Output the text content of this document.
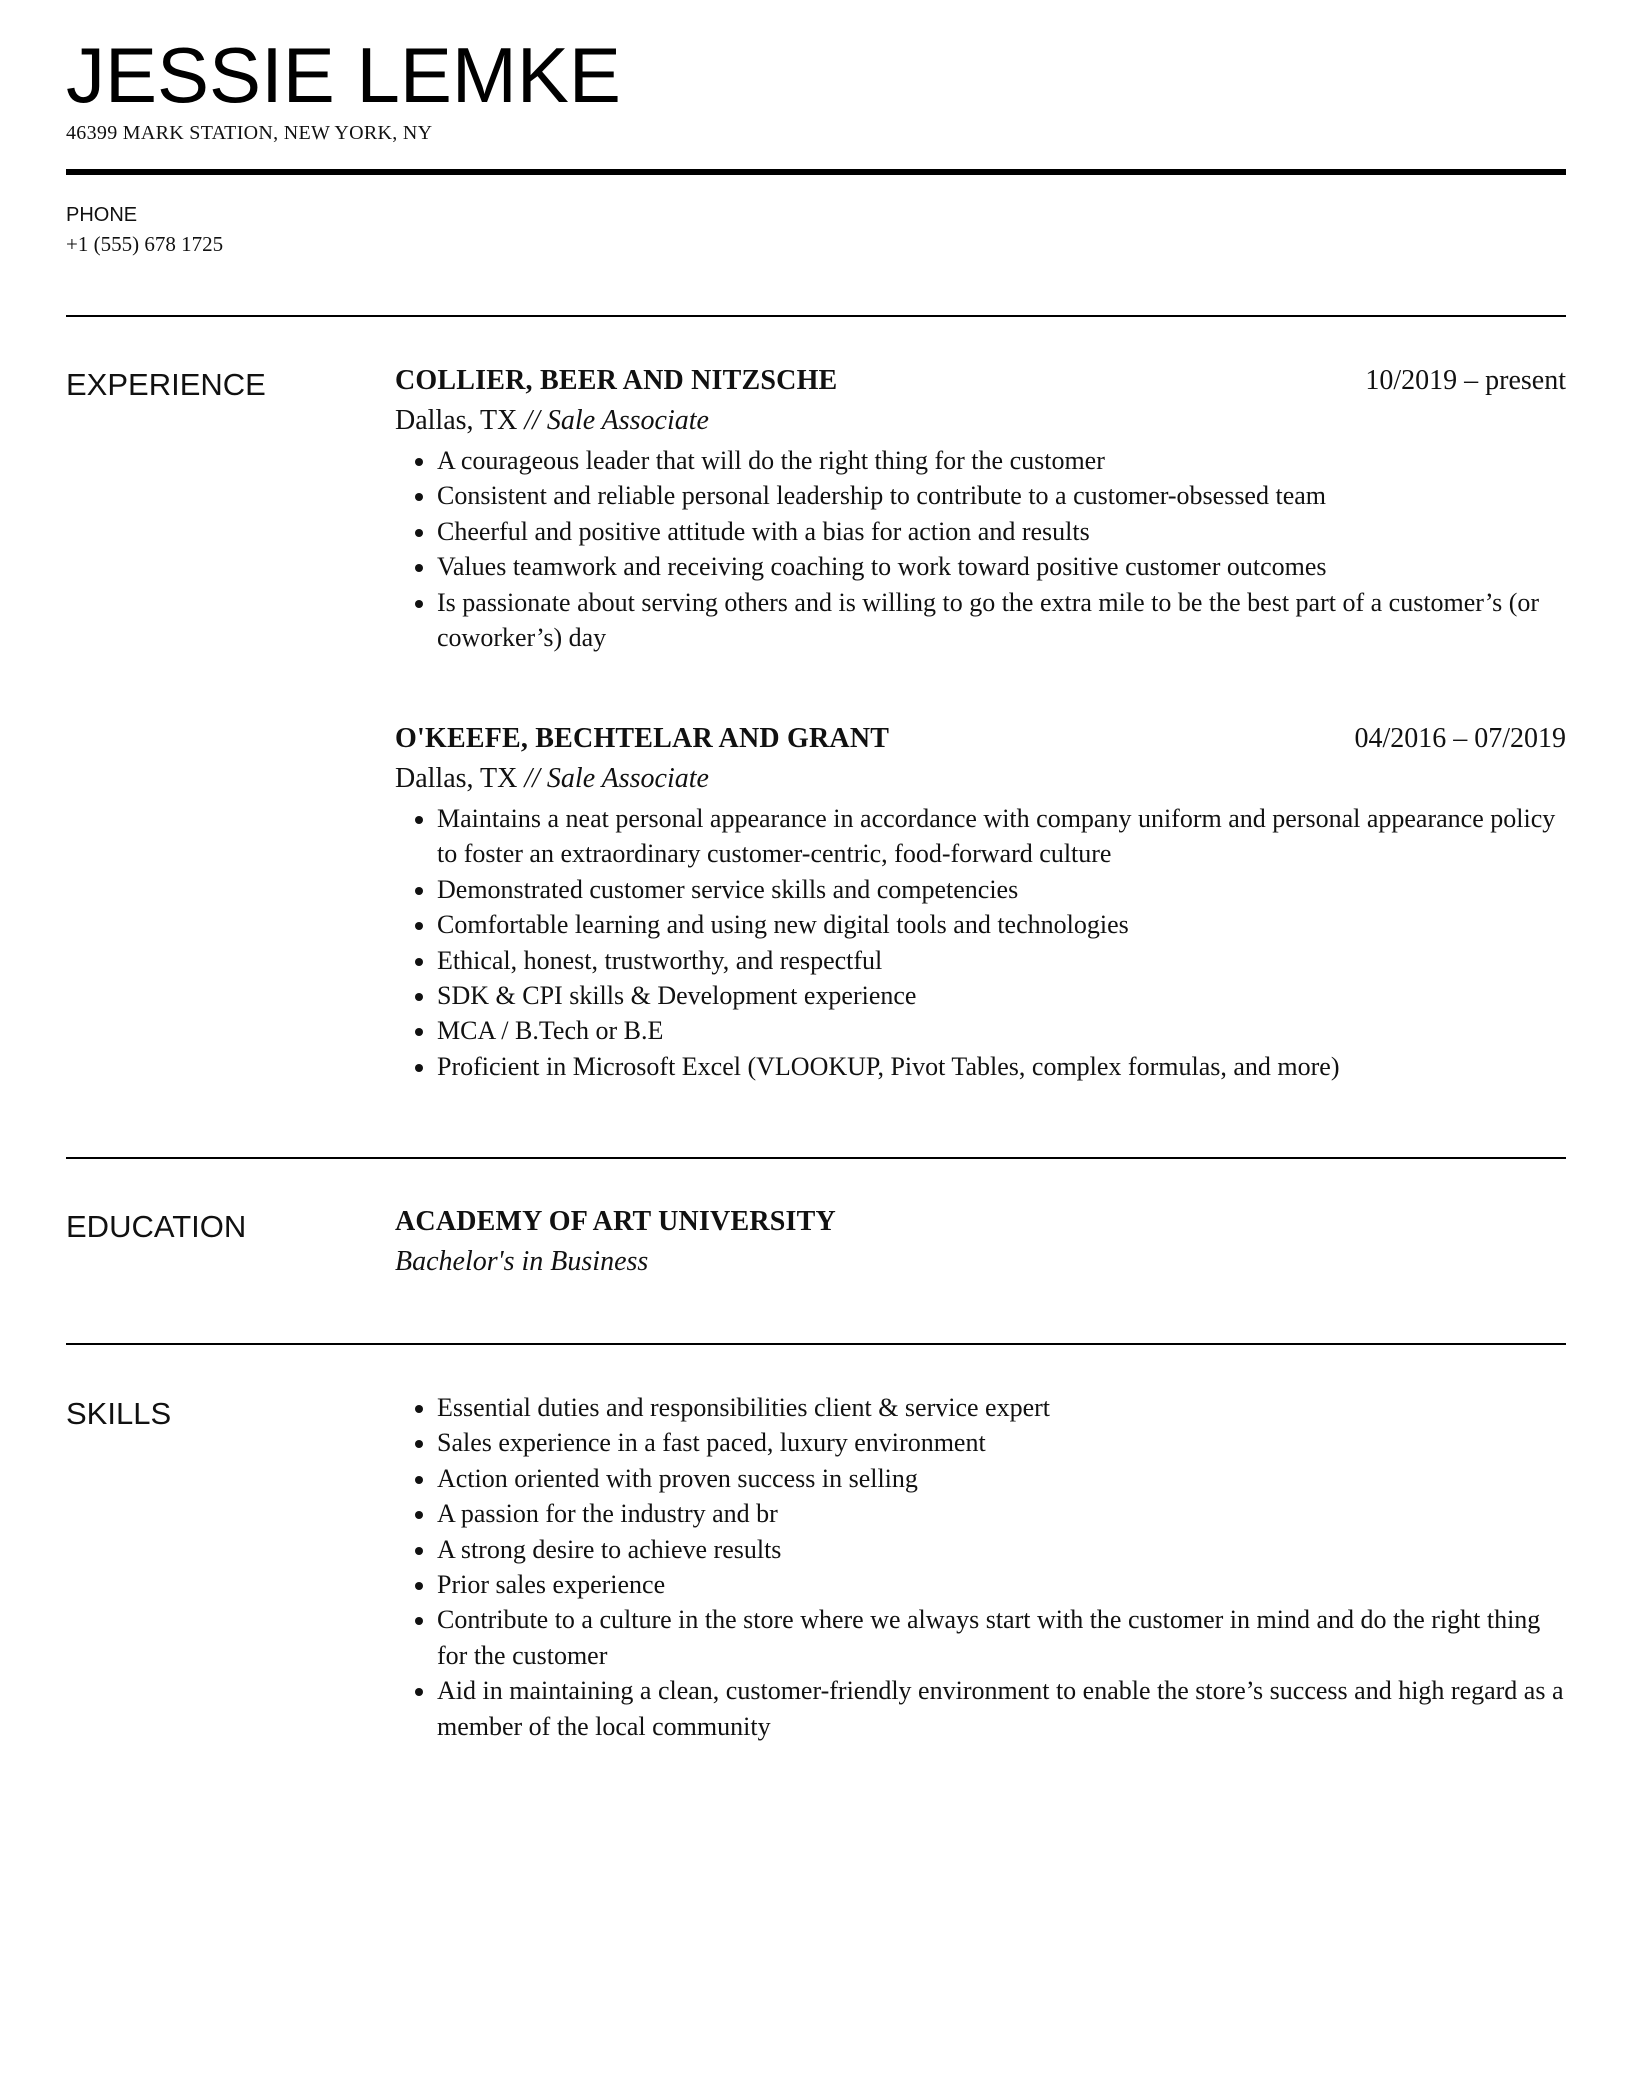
JESSIE LEMKE
46399 MARK STATION, NEW YORK, NY
PHONE
+1 (555) 678 1725
EXPERIENCE	COLLIER, BEER AND NITZSCHE	10/2019 – present
Dallas, TX // Sale Associate
• A courageous leader that will do the right thing for the customer
• Consistent and reliable personal leadership to contribute to a customer-obsessed team
• Cheerful and positive attitude with a bias for action and results
• Values teamwork and receiving coaching to work toward positive customer outcomes
• Is passionate about serving others and is willing to go the extra mile to be the best part of a customer’s (or coworker’s) day
O'KEEFE, BECHTELAR AND GRANT	04/2016 – 07/2019
Dallas, TX // Sale Associate
• Maintains a neat personal appearance in accordance with company uniform and personal appearance policy to foster an extraordinary customer-centric, food-forward culture
• Demonstrated customer service skills and competencies
• Comfortable learning and using new digital tools and technologies
• Ethical, honest, trustworthy, and respectful
• SDK & CPI skills & Development experience
• MCA / B.Tech or B.E
• Proficient in Microsoft Excel (VLOOKUP, Pivot Tables, complex formulas, and more)
EDUCATION	ACADEMY OF ART UNIVERSITY
Bachelor's in Business
SKILLS
•	Essential duties and responsibilities client & service expert
• Sales experience in a fast paced, luxury environment
• Action oriented with proven success in selling
• A passion for the industry and br
• A strong desire to achieve results
• Prior sales experience
• Contribute to a culture in the store where we always start with the customer in mind and do the right thing for the customer
• Aid in maintaining a clean, customer-friendly environment to enable the store’s success and high regard as a member of the local community
